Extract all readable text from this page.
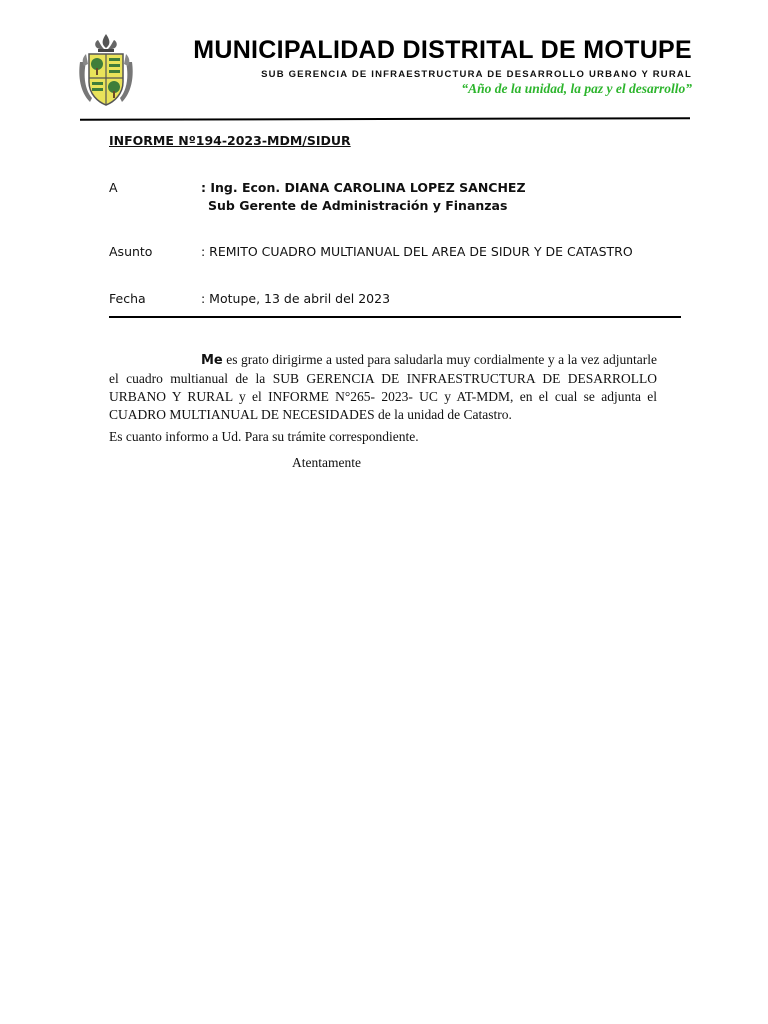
MUNICIPALIDAD DISTRITAL DE MOTUPE
SUB GERENCIA DE INFRAESTRUCTURA DE DESARROLLO URBANO Y RURAL
“Año de la unidad, la paz y el desarrollo”
INFORME Nº194-2023-MDM/SIDUR
A	: Ing. Econ. DIANA CAROLINA LOPEZ SANCHEZ
Sub Gerente de Administración y Finanzas
Asunto	: REMITO CUADRO MULTIANUAL DEL AREA DE SIDUR Y DE CATASTRO
Fecha	: Motupe, 13 de abril del 2023
Me es grato dirigirme a usted para saludarla muy cordialmente y a la vez adjuntarle el cuadro multianual de la SUB GERENCIA DE INFRAESTRUCTURA DE DESARROLLO URBANO Y RURAL y el INFORME N°265- 2023- UC y AT-MDM, en el cual se adjunta el CUADRO MULTIANUAL DE NECESIDADES de la unidad de Catastro.
Es cuanto informo a Ud. Para su trámite correspondiente.
Atentamente
